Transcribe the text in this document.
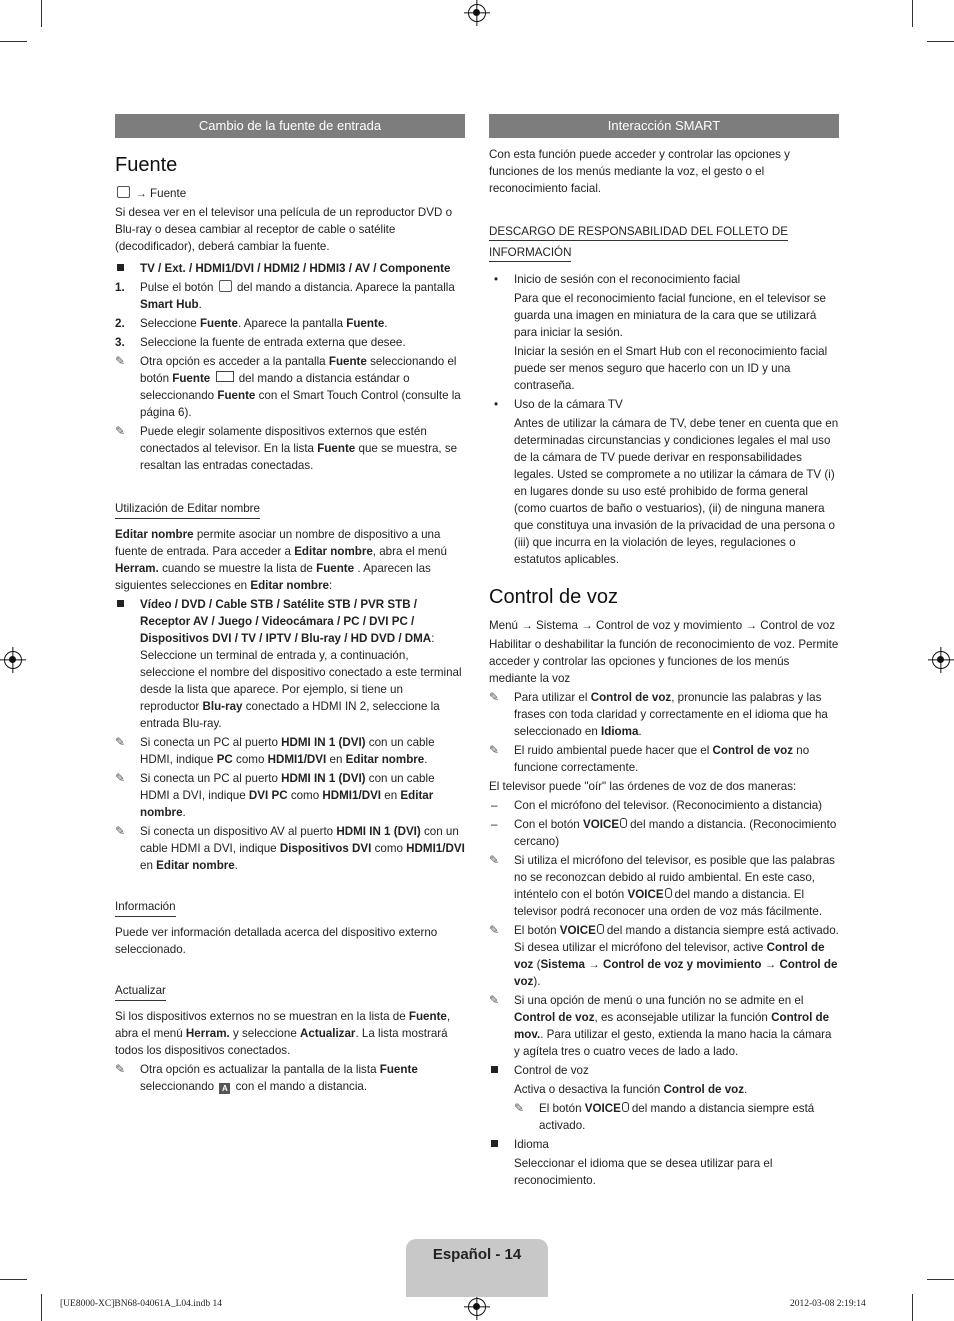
Cambio de la fuente de entrada
Fuente

→ Fuente

Si desea ver en el televisor una película de un reproductor DVD o Blu-ray o desea cambiar al receptor de cable o satélite (decodificador), deberá cambiar la fuente.

TV / Ext. / HDMI1/DVI / HDMI2 / HDMI3 / AV / Componente
1.	Pulse el botón del mando a distancia. Aparece la pantalla Smart Hub.
2.	Seleccione Fuente. Aparece la pantalla Fuente.
3.	Seleccione la fuente de entrada externa que desee.
✎	Otra opción es acceder a la pantalla Fuente seleccionando el botón Fuente del mando a distancia estándar o seleccionando Fuente con el Smart Touch Control (consulte la página 6).
✎	Puede elegir solamente dispositivos externos que estén conectados al televisor. En la lista Fuente que se muestra, se resaltan las entradas conectadas.
Utilización de Editar nombre

Editar nombre permite asociar un nombre de dispositivo a una fuente de entrada. Para acceder a Editar nombre, abra el menú Herram. cuando se muestre la lista de Fuente . Aparecen las siguientes selecciones en Editar nombre:

Vídeo / DVD / Cable STB / Satélite STB / PVR STB / Receptor AV / Juego / Videocámara / PC / DVI PC / Dispositivos DVI / TV / IPTV / Blu-ray / HD DVD / DMA: Seleccione un terminal de entrada y, a continuación, seleccione el nombre del dispositivo conectado a este terminal desde la lista que aparece. Por ejemplo, si tiene un reproductor Blu-ray conectado a HDMI IN 2, seleccione la entrada Blu-ray.
✎	Si conecta un PC al puerto HDMI IN 1 (DVI) con un cable HDMI, indique PC como HDMI1/DVI en Editar nombre.
✎	Si conecta un PC al puerto HDMI IN 1 (DVI) con un cable HDMI a DVI, indique DVI PC como HDMI1/DVI en Editar nombre.
✎	Si conecta un dispositivo AV al puerto HDMI IN 1 (DVI) con un cable HDMI a DVI, indique Dispositivos DVI como HDMI1/DVI en Editar nombre.
Información

Puede ver información detallada acerca del dispositivo externo seleccionado.

Actualizar

Si los dispositivos externos no se muestran en la lista de Fuente, abra el menú Herram. y seleccione Actualizar. La lista mostrará todos los dispositivos conectados.

✎	Otra opción es actualizar la pantalla de la lista Fuente seleccionando A con el mando a distancia.
Interacción SMART

Con esta función puede acceder y controlar las opciones y funciones de los menús mediante la voz, el gesto o el reconocimiento facial.

DESCARGO DE RESPONSABILIDAD DEL FOLLETO DE
INFORMACIÓN
•	Inicio de sesión con el reconocimiento facial

Para que el reconocimiento facial funcione, en el televisor se guarda una imagen en miniatura de la cara que se utilizará para iniciar la sesión.

Iniciar la sesión en el Smart Hub con el reconocimiento facial puede ser menos seguro que hacerlo con un ID y una contraseña.

•	Uso de la cámara TV

Antes de utilizar la cámara de TV, debe tener en cuenta que en determinadas circunstancias y condiciones legales el mal uso de la cámara de TV puede derivar en responsabilidades legales. Usted se compromete a no utilizar la cámara de TV (i) en lugares donde su uso esté prohibido de forma general (como cuartos de baño o vestuarios), (ii) de ninguna manera que constituya una invasión de la privacidad de una persona o (iii) que incurra en la violación de leyes, regulaciones o estatutos aplicables.

Control de voz

Menú → Sistema → Control de voz y movimiento → Control de voz

Habilitar o deshabilitar la función de reconocimiento de voz. Permite acceder y controlar las opciones y funciones de los menús mediante la voz

✎	Para utilizar el Control de voz, pronuncie las palabras y las frases con toda claridad y correctamente en el idioma que ha seleccionado en Idioma.
✎	El ruido ambiental puede hacer que el Control de voz no funcione correctamente.

El televisor puede "oír" las órdenes de voz de dos maneras:

–	Con el micrófono del televisor. (Reconocimiento a distancia)
–	Con el botón VOICE del mando a distancia. (Reconocimiento cercano)
✎	Si utiliza el micrófono del televisor, es posible que las palabras no se reconozcan debido al ruido ambiental. En este caso, inténtelo con el botón VOICE del mando a distancia. El televisor podrá reconocer una orden de voz más fácilmente.
✎	El botón VOICE del mando a distancia siempre está activado. Si desea utilizar el micrófono del televisor, active Control de voz (Sistema → Control de voz y movimiento → Control de voz).
✎	Si una opción de menú o una función no se admite en el Control de voz, es aconsejable utilizar la función Control de mov.. Para utilizar el gesto, extienda la mano hacia la cámara y agítela tres o cuatro veces de lado a lado.
Control de voz

Activa o desactiva la función Control de voz.

✎	El botón VOICE del mando a distancia siempre está activado.
Idioma

Seleccionar el idioma que se desea utilizar para el reconocimiento.

Español - 14
[UE8000-XC]BN68-04061A_L04.indb 14	2012-03-08 2:19:14
